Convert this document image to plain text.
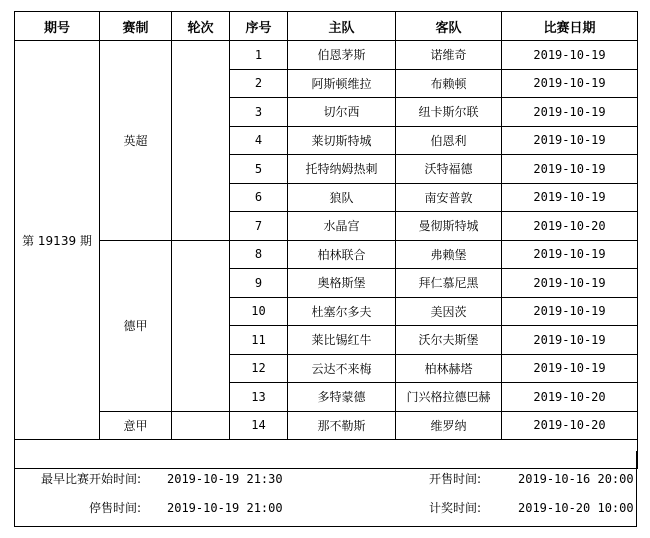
期号	赛制	轮次	序号	主队	客队	比赛日期
第 19139 期	英超		1	伯恩茅斯	诺维奇	2019-10-19
			2	阿斯顿维拉	布赖顿	2019-10-19
			3	切尔西	纽卡斯尔联	2019-10-19
			4	莱切斯特城	伯恩利	2019-10-19
			5	托特纳姆热刺	沃特福德	2019-10-19
			6	狼队	南安普敦	2019-10-19
			7	水晶宫	曼彻斯特城	2019-10-20
	德甲		8	柏林联合	弗赖堡	2019-10-19
			9	奥格斯堡	拜仁慕尼黑	2019-10-19
			10	杜塞尔多夫	美因茨	2019-10-19
			11	莱比锡红牛	沃尔夫斯堡	2019-10-19
			12	云达不来梅	柏林赫塔	2019-10-19
			13	多特蒙德	门兴格拉德巴赫	2019-10-20
	意甲		14	那不勒斯	维罗纳	2019-10-20

最早比赛开始时间: 2019-10-19 21:30	开售时间:	2019-10-16 20:00
停售时间: 2019-10-19 21:00	计奖时间:	2019-10-20 10:00
